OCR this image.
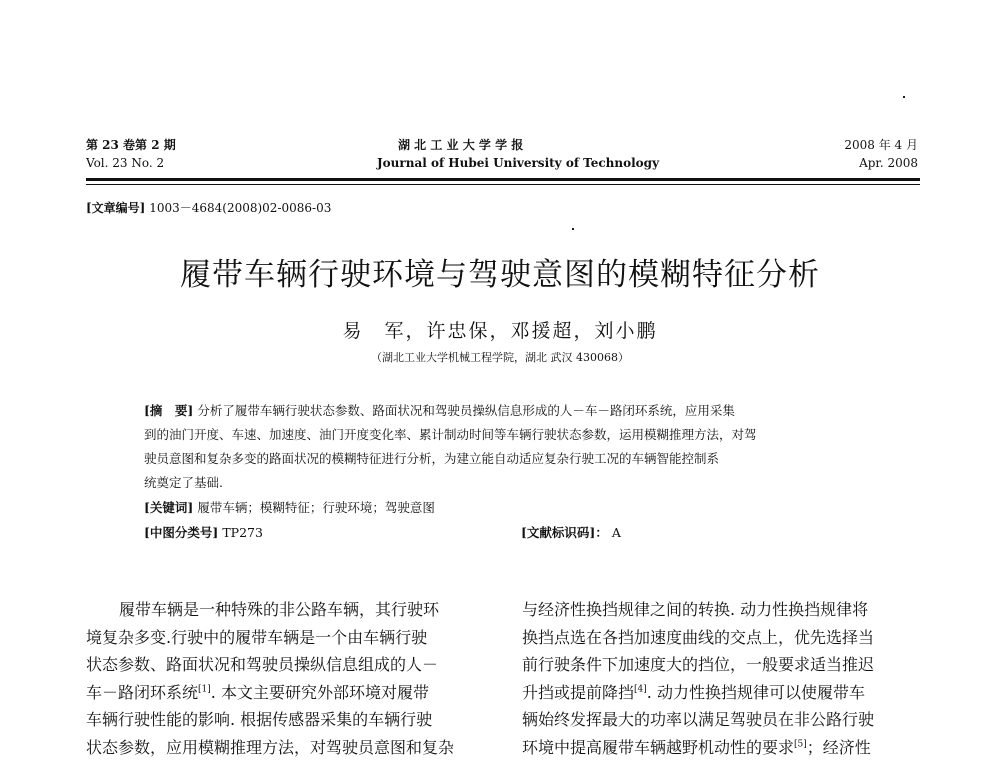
第 23 卷第 2 期
Vol. 23 No. 2
湖 北 工 业 大 学 学 报
Journal of Hubei University of Technology
2008 年 4 月
Apr. 2008
[文章编号] 1003－4684(2008)02-0086-03
履带车辆行驶环境与驾驶意图的模糊特征分析
易　军，许忠保，邓援超，刘小鹏
（湖北工业大学机械工程学院，湖北 武汉 430068）
[摘　要] 分析了履带车辆行驶状态参数、路面状况和驾驶员操纵信息形成的人－车－路闭环系统，应用采集
到的油门开度、车速、加速度、油门开度变化率、累计制动时间等车辆行驶状态参数，运用模糊推理方法，对驾
驶员意图和复杂多变的路面状况的模糊特征进行分析，为建立能自动适应复杂行驶工况的车辆智能控制系
统奠定了基础.
[关键词] 履带车辆；模糊特征；行驶环境；驾驶意图
[中图分类号] TP273	[文献标识码]： A
履带车辆是一种特殊的非公路车辆，其行驶环
境复杂多变.行驶中的履带车辆是一个由车辆行驶
状态参数、路面状况和驾驶员操纵信息组成的人－
车－路闭环系统[1]. 本文主要研究外部环境对履带
车辆行驶性能的影响. 根据传感器采集的车辆行驶
状态参数，应用模糊推理方法，对驾驶员意图和复杂
与经济性换挡规律之间的转换. 动力性换挡规律将
换挡点选在各挡加速度曲线的交点上，优先选择当
前行驶条件下加速度大的挡位，一般要求适当推迟
升挡或提前降挡[4]. 动力性换挡规律可以使履带车
辆始终发挥最大的功率以满足驾驶员在非公路行驶
环境中提高履带车辆越野机动性的要求[5]；经济性
